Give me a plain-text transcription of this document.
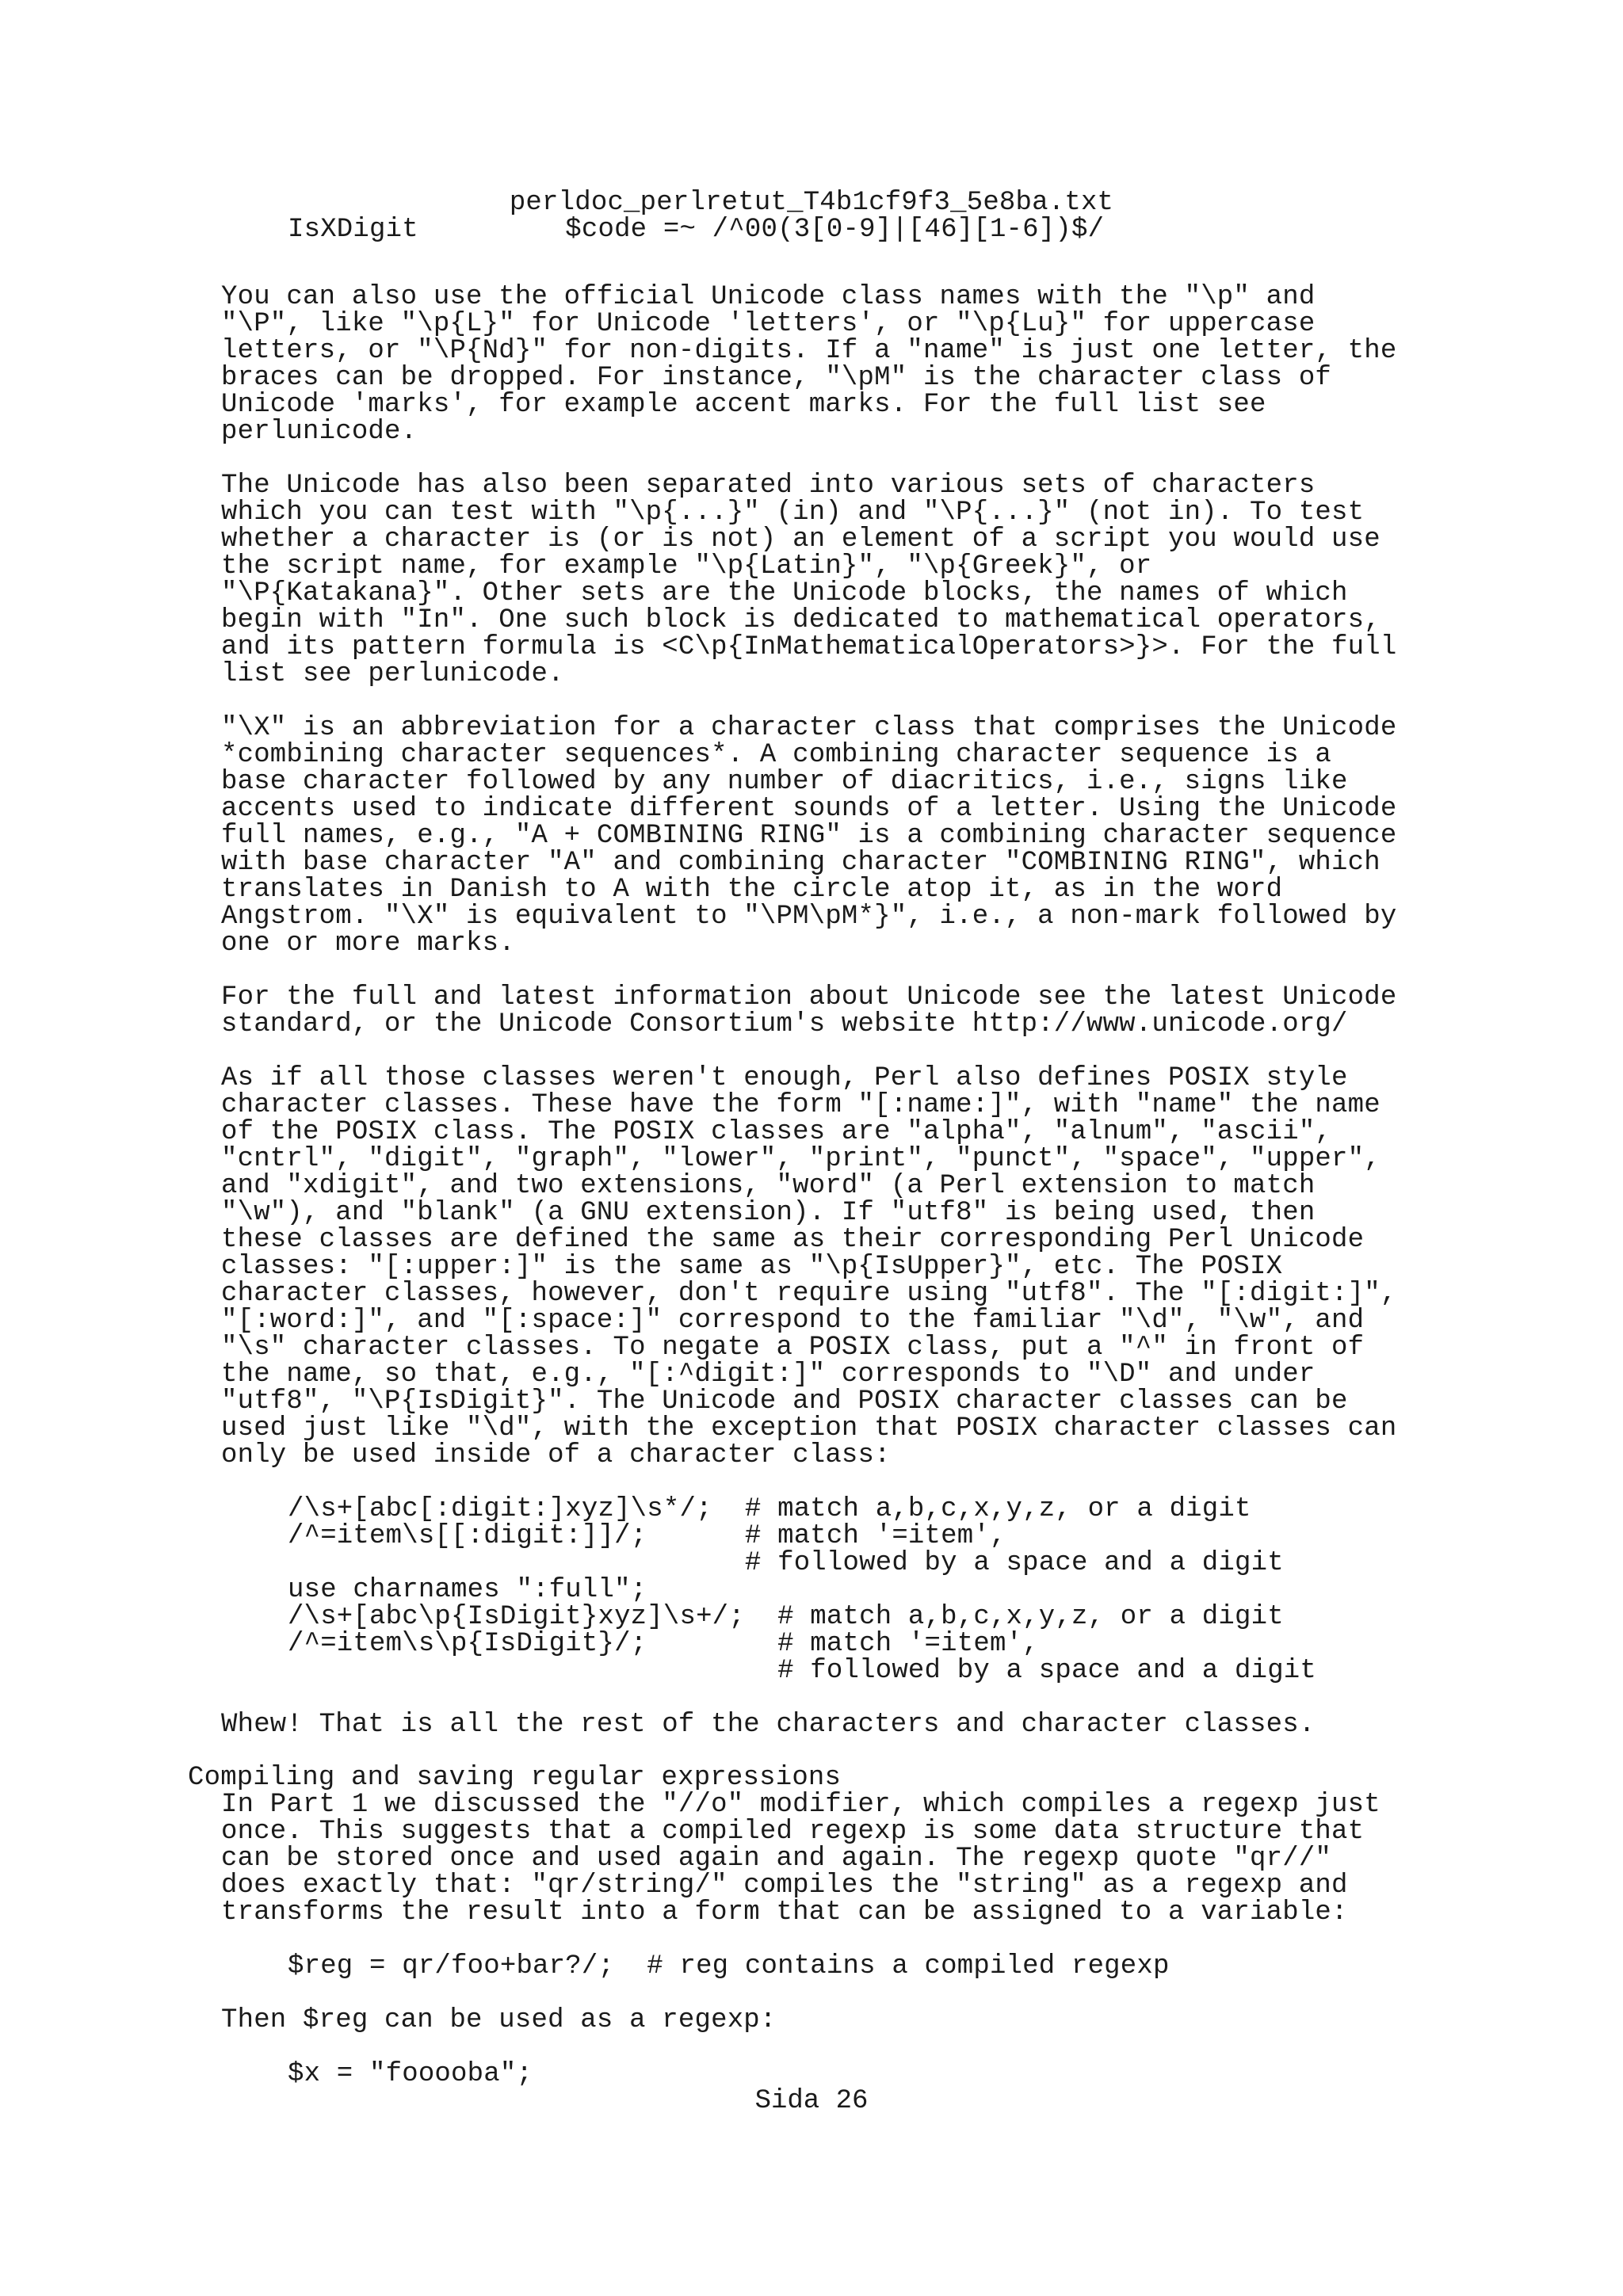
perldoc_perlretut_T4b1cf9f3_5e8ba.txt
IsXDigit         $code =~ /^00(3[0-9]|[46][1-6])$/
You can also use the official Unicode class names with the "\p" and
"\P", like "\p{L}" for Unicode 'letters', or "\p{Lu}" for uppercase
letters, or "\P{Nd}" for non-digits. If a "name" is just one letter, the
braces can be dropped. For instance, "\pM" is the character class of
Unicode 'marks', for example accent marks. For the full list see
perlunicode.
The Unicode has also been separated into various sets of characters
which you can test with "\p{...}" (in) and "\P{...}" (not in). To test
whether a character is (or is not) an element of a script you would use
the script name, for example "\p{Latin}", "\p{Greek}", or
"\P{Katakana}". Other sets are the Unicode blocks, the names of which
begin with "In". One such block is dedicated to mathematical operators,
and its pattern formula is <C\p{InMathematicalOperators>}>. For the full
list see perlunicode.
"\X" is an abbreviation for a character class that comprises the Unicode
*combining character sequences*. A combining character sequence is a
base character followed by any number of diacritics, i.e., signs like
accents used to indicate different sounds of a letter. Using the Unicode
full names, e.g., "A + COMBINING RING" is a combining character sequence
with base character "A" and combining character "COMBINING RING", which
translates in Danish to A with the circle atop it, as in the word
Angstrom. "\X" is equivalent to "\PM\pM*}", i.e., a non-mark followed by
one or more marks.
For the full and latest information about Unicode see the latest Unicode
standard, or the Unicode Consortium's website http://www.unicode.org/
As if all those classes weren't enough, Perl also defines POSIX style
character classes. These have the form "[:name:]", with "name" the name
of the POSIX class. The POSIX classes are "alpha", "alnum", "ascii",
"cntrl", "digit", "graph", "lower", "print", "punct", "space", "upper",
and "xdigit", and two extensions, "word" (a Perl extension to match
"\w"), and "blank" (a GNU extension). If "utf8" is being used, then
these classes are defined the same as their corresponding Perl Unicode
classes: "[:upper:]" is the same as "\p{IsUpper}", etc. The POSIX
character classes, however, don't require using "utf8". The "[:digit:]",
"[:word:]", and "[:space:]" correspond to the familiar "\d", "\w", and
"\s" character classes. To negate a POSIX class, put a "^" in front of
the name, so that, e.g., "[:^digit:]" corresponds to "\D" and under
"utf8", "\P{IsDigit}". The Unicode and POSIX character classes can be
used just like "\d", with the exception that POSIX character classes can
only be used inside of a character class:
/\s+[abc[:digit:]xyz]\s*/;  # match a,b,c,x,y,z, or a digit
/^=item\s[[:digit:]]/;      # match '=item',
# followed by a space and a digit
use charnames ":full";
/\s+[abc\p{IsDigit}xyz]\s+/;  # match a,b,c,x,y,z, or a digit
/^=item\s\p{IsDigit}/;        # match '=item',
# followed by a space and a digit
Whew! That is all the rest of the characters and character classes.
Compiling and saving regular expressions
In Part 1 we discussed the "//o" modifier, which compiles a regexp just
once. This suggests that a compiled regexp is some data structure that
can be stored once and used again and again. The regexp quote "qr//"
does exactly that: "qr/string/" compiles the "string" as a regexp and
transforms the result into a form that can be assigned to a variable:
$reg = qr/foo+bar?/;  # reg contains a compiled regexp
Then $reg can be used as a regexp:
$x = "fooooba";
Sida 26
